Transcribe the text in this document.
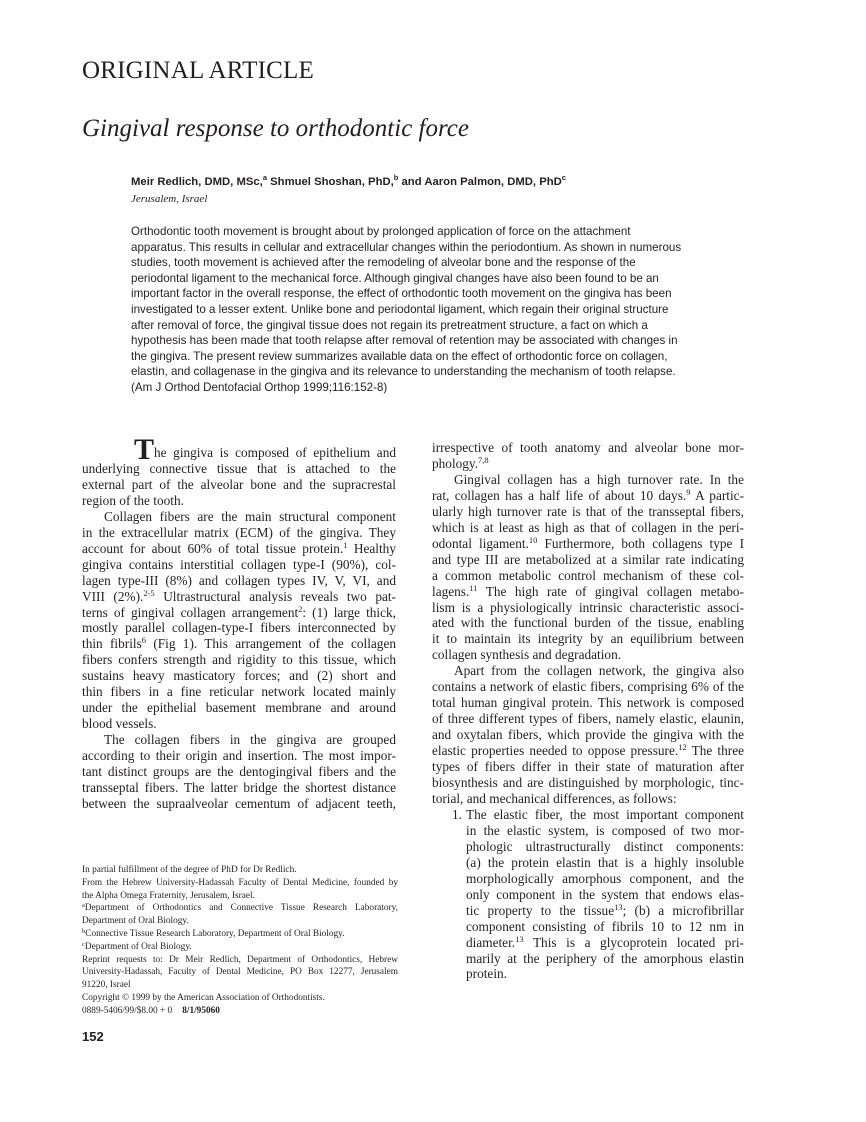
ORIGINAL ARTICLE
Gingival response to orthodontic force
Meir Redlich, DMD, MSc,$^a$ Shmuel Shoshan, PhD,$^b$ and Aaron Palmon, DMD, PhD$^c$
Jerusalem, Israel
Orthodontic tooth movement is brought about by prolonged application of force on the attachment
apparatus. This results in cellular and extracellular changes within the periodontium. As shown in numerous
studies, tooth movement is achieved after the remodeling of alveolar bone and the response of the
periodontal ligament to the mechanical force. Although gingival changes have also been found to be an
important factor in the overall response, the effect of orthodontic tooth movement on the gingiva has been
investigated to a lesser extent. Unlike bone and periodontal ligament, which regain their original structure
after removal of force, the gingival tissue does not regain its pretreatment structure, a fact on which a
hypothesis has been made that tooth relapse after removal of retention may be associated with changes in
the gingiva. The present review summarizes available data on the effect of orthodontic force on collagen,
elastin, and collagenase in the gingiva and its relevance to understanding the mechanism of tooth relapse.
(Am J Orthod Dentofacial Orthop 1999;116:152-8)
The gingiva is composed of epithelium and
underlying connective tissue that is attached to the
external part of the alveolar bone and the supracrestal
region of the tooth.
Collagen fibers are the main structural component
in the extracellular matrix (ECM) of the gingiva. They
account for about 60% of total tissue protein.$^1$ Healthy
gingiva contains interstitial collagen type-I (90%), col-
lagen type-III (8%) and collagen types IV, V, VI, and
VIII (2%).$^{2-5}$ Ultrastructural analysis reveals two pat-
terns of gingival collagen arrangement$^2$: (1) large thick,
mostly parallel collagen-type-I fibers interconnected by
thin fibrils$^6$ (Fig 1). This arrangement of the collagen
fibers confers strength and rigidity to this tissue, which
sustains heavy masticatory forces; and (2) short and
thin fibers in a fine reticular network located mainly
under the epithelial basement membrane and around
blood vessels.
The collagen fibers in the gingiva are grouped
according to their origin and insertion. The most impor-
tant distinct groups are the dentogingival fibers and the
transseptal fibers. The latter bridge the shortest distance
between the supraalveolar cementum of adjacent teeth,
irrespective of tooth anatomy and alveolar bone mor-
phology.$^{7,8}$
Gingival collagen has a high turnover rate. In the
rat, collagen has a half life of about 10 days.$^9$ A partic-
ularly high turnover rate is that of the transseptal fibers,
which is at least as high as that of collagen in the peri-
odontal ligament.$^{10}$ Furthermore, both collagens type I
and type III are metabolized at a similar rate indicating
a common metabolic control mechanism of these col-
lagens.$^{11}$ The high rate of gingival collagen metabo-
lism is a physiologically intrinsic characteristic associ-
ated with the functional burden of the tissue, enabling
it to maintain its integrity by an equilibrium between
collagen synthesis and degradation.
Apart from the collagen network, the gingiva also
contains a network of elastic fibers, comprising 6% of the
total human gingival protein. This network is composed
of three different types of fibers, namely elastic, elaunin,
and oxytalan fibers, which provide the gingiva with the
elastic properties needed to oppose pressure.$^{12}$ The three
types of fibers differ in their state of maturation after
biosynthesis and are distinguished by morphologic, tinc-
torial, and mechanical differences, as follows:
1. The elastic fiber, the most important component
in the elastic system, is composed of two mor-
phologic ultrastructurally distinct components:
(a) the protein elastin that is a highly insoluble
morphologically amorphous component, and the
only component in the system that endows elas-
tic property to the tissue$^{13}$; (b) a microfibrillar
component consisting of fibrils 10 to 12 nm in
diameter.$^{13}$ This is a glycoprotein located pri-
marily at the periphery of the amorphous elastin
protein.
In partial fulfillment of the degree of PhD for Dr Redlich.
From the Hebrew University-Hadassah Faculty of Dental Medicine, founded by
the Alpha Omega Fraternity, Jerusalem, Israel.
$^a$Department of Orthodontics and Connective Tissue Research Laboratory,
Department of Oral Biology.
$^b$Connective Tissue Research Laboratory, Department of Oral Biology.
$^c$Department of Oral Biology.
Reprint requests to: Dr Meir Redlich, Department of Orthodontics, Hebrew
University-Hadassah, Faculty of Dental Medicine, PO Box 12277, Jerusalem
91220, Israel
Copyright © 1999 by the American Association of Orthodontists.
0889-5406/99/$8.00 + 0 8/1/95060
152
